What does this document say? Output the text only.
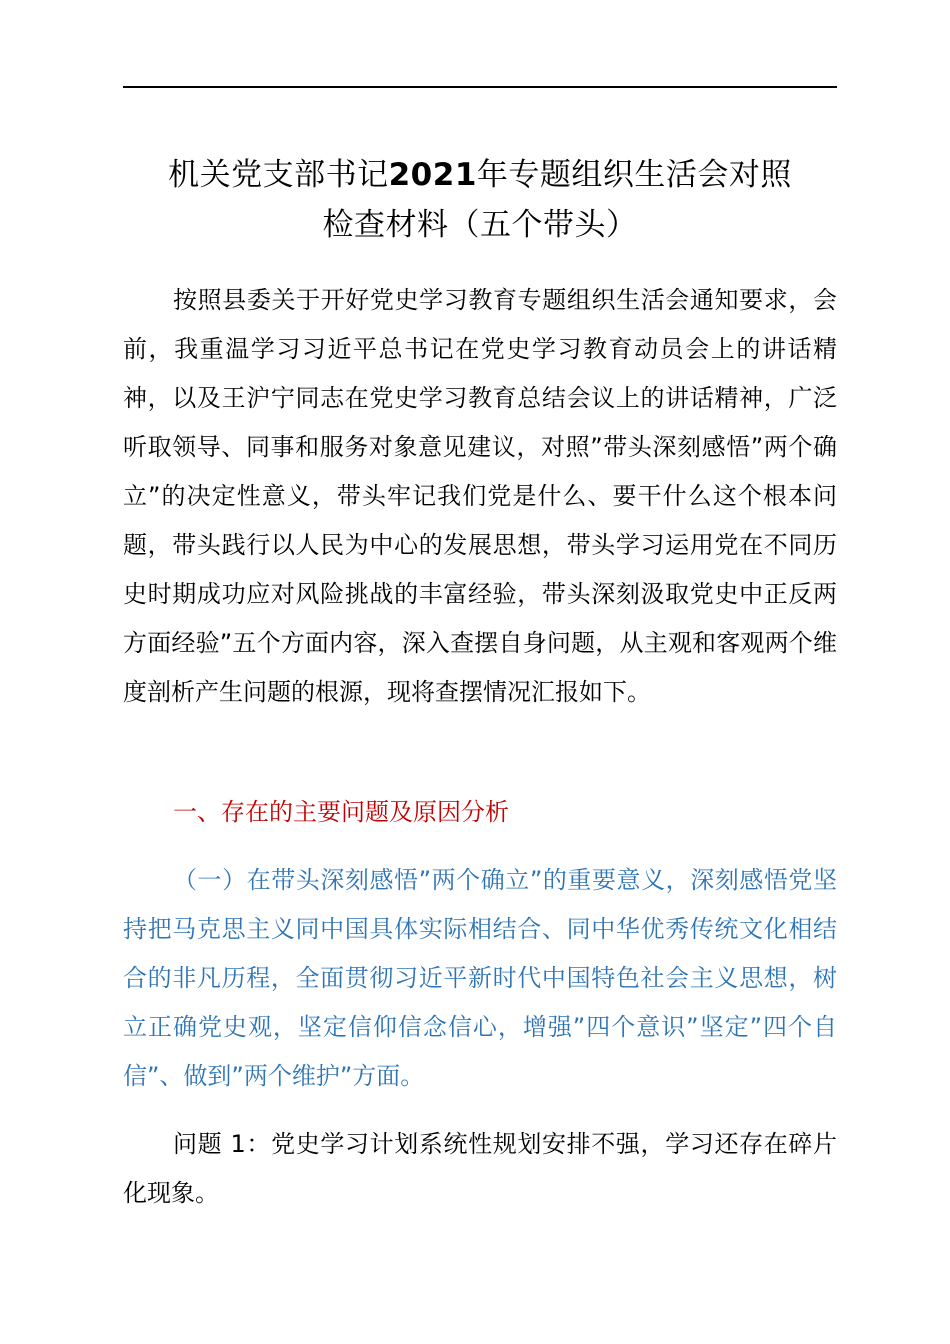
机关党支部书记2021年专题组织生活会对照
检查材料（五个带头）

按照县委关于开好党史学习教育专题组织生活会通知要求，会前，我重温学习习近平总书记在党史学习教育动员会上的讲话精神，以及王沪宁同志在党史学习教育总结会议上的讲话精神，广泛听取领导、同事和服务对象意见建议，对照”带头深刻感悟”两个确立”的决定性意义，带头牢记我们党是什么、要干什么这个根本问题，带头践行以人民为中心的发展思想，带头学习运用党在不同历史时期成功应对风险挑战的丰富经验，带头深刻汲取党史中正反两方面经验”五个方面内容，深入查摆自身问题，从主观和客观两个维度剖析产生问题的根源，现将查摆情况汇报如下。

一、存在的主要问题及原因分析

（一）在带头深刻感悟”两个确立”的重要意义，深刻感悟党坚持把马克思主义同中国具体实际相结合、同中华优秀传统文化相结合的非凡历程，全面贯彻习近平新时代中国特色社会主义思想，树立正确党史观，坚定信仰信念信心，增强”四个意识”坚定”四个自信”、做到”两个维护”方面。

问题 1：党史学习计划系统性规划安排不强，学习还存在碎片化现象。
